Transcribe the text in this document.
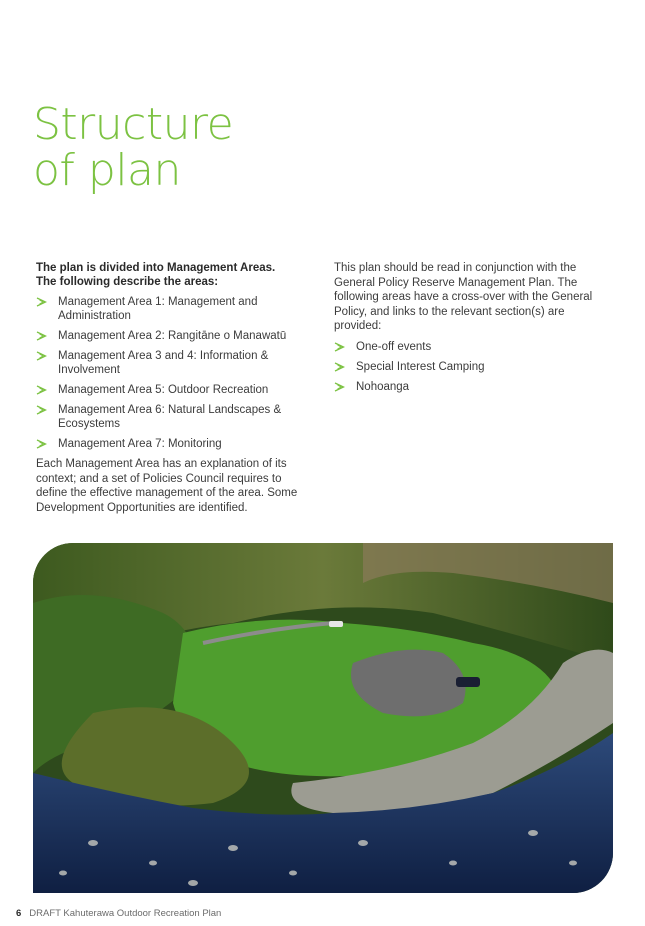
Structure
of plan

The plan is divided into Management Areas.
The following describe the areas:

Management Area 1: Management and Administration
Management Area 2: Rangitāne o Manawatū
Management Area 3 and 4: Information & Involvement
Management Area 5: Outdoor Recreation
Management Area 6: Natural Landscapes & Ecosystems
Management Area 7: Monitoring

Each Management Area has an explanation of its context; and a set of Policies Council requires to define the effective management of the area. Some Development Opportunities are identified.

This plan should be read in conjunction with the General Policy Reserve Management Plan. The following areas have a cross-over with the General Policy, and links to the relevant section(s) are provided:

One-off events
Special Interest Camping
Nohoanga
6 DRAFT Kahuterawa Outdoor Recreation Plan
